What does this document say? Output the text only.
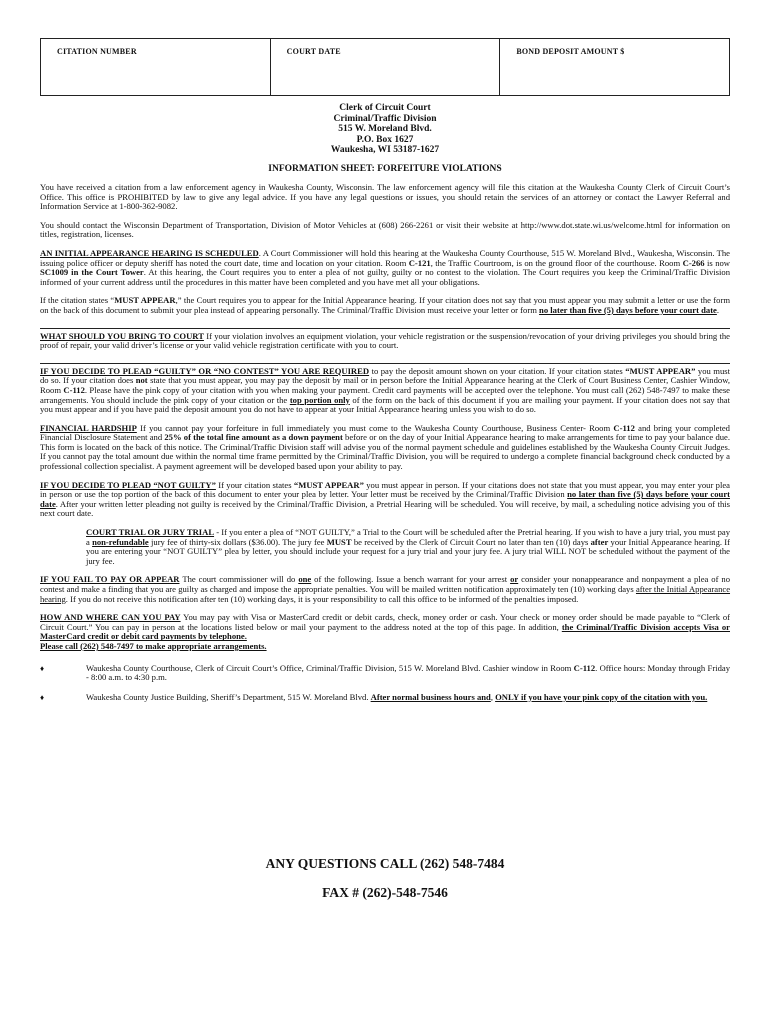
CITATION NUMBER	COURT DATE	BOND DEPOSIT AMOUNT $
Clerk of Circuit Court
Criminal/Traffic Division
515 W. Moreland Blvd.
P.O. Box 1627
Waukesha, WI 53187-1627
INFORMATION SHEET: FORFEITURE VIOLATIONS

You have received a citation from a law enforcement agency in Waukesha County, Wisconsin. The law enforcement agency will file this citation at the Waukesha County Clerk of Circuit Court’s Office. This office is PROHIBITED by law to give any legal advice. If you have any legal questions or issues, you should retain the services of an attorney or contact the Lawyer Referral and Information Service at 1-800-362-9082.

You should contact the Wisconsin Department of Transportation, Division of Motor Vehicles at (608) 266-2261 or visit their website at http://www.dot.state.wi.us/welcome.html for information on titles, registration, licenses.

AN INITIAL APPEARANCE HEARING IS SCHEDULED. A Court Commissioner will hold this hearing at the Waukesha County Courthouse, 515 W. Moreland Blvd., Waukesha, Wisconsin. The issuing police officer or deputy sheriff has noted the court date, time and location on your citation. Room C-121, the Traffic Courtroom, is on the ground floor of the courthouse. Room C-266 is now SC1009 in the Court Tower. At this hearing, the Court requires you to enter a plea of not guilty, guilty or no contest to the violation. The Court requires you keep the Criminal/Traffic Division informed of your current address until the procedures in this matter have been completed and you have met all your obligations.

If the citation states “MUST APPEAR,” the Court requires you to appear for the Initial Appearance hearing. If your citation does not say that you must appear you may submit a letter or use the form on the back of this document to submit your plea instead of appearing personally. The Criminal/Traffic Division must receive your letter or form no later than five (5) days before your court date.

WHAT SHOULD YOU BRING TO COURT If your violation involves an equipment violation, your vehicle registration or the suspension/revocation of your driving privileges you should bring the proof of repair, your valid driver’s license or your valid vehicle registration certificate with you to court.

IF YOU DECIDE TO PLEAD “GUILTY” OR “NO CONTEST” YOU ARE REQUIRED to pay the deposit amount shown on your citation. If your citation states “MUST APPEAR” you must do so. If your citation does not state that you must appear, you may pay the deposit by mail or in person before the Initial Appearance hearing at the Clerk of Court Business Center, Cashier Window, Room C-112. Please have the pink copy of your citation with you when making your payment. Credit card payments will be accepted over the telephone. You must call (262) 548-7497 to make these arrangements. You should include the pink copy of your citation or the top portion only of the form on the back of this document if you are mailing your payment. If your citation does not say that you must appear and if you have paid the deposit amount you do not have to appear at your Initial Appearance hearing unless you wish to do so.

FINANCIAL HARDSHIP If you cannot pay your forfeiture in full immediately you must come to the Waukesha County Courthouse, Business Center- Room C-112 and bring your completed Financial Disclosure Statement and 25% of the total fine amount as a down payment before or on the day of your Initial Appearance hearing to make arrangements for time to pay your balance due. This form is located on the back of this notice. The Criminal/Traffic Division staff will advise you of the normal payment schedule and guidelines established by the Waukesha County Circuit Judges. If you cannot pay the total amount due within the normal time frame permitted by the Criminal/Traffic Division, you will be required to undergo a complete financial background check conducted by a professional collection specialist. A payment agreement will be developed based upon your ability to pay.

IF YOU DECIDE TO PLEAD “NOT GUILTY” If your citation states “MUST APPEAR” you must appear in person. If your citations does not state that you must appear, you may enter your plea in person or use the top portion of the back of this document to enter your plea by letter. Your letter must be received by the Criminal/Traffic Division no later than five (5) days before your court date. After your written letter pleading not guilty is received by the Criminal/Traffic Division, a Pretrial Hearing will be scheduled. You will receive, by mail, a scheduling notice advising you of this next court date.

COURT TRIAL OR JURY TRIAL - If you enter a plea of “NOT GUILTY,” a Trial to the Court will be scheduled after the Pretrial hearing. If you wish to have a jury trial, you must pay a non-refundable jury fee of thirty-six dollars ($36.00). The jury fee MUST be received by the Clerk of Circuit Court no later than ten (10) days after your Initial Appearance hearing. If you are entering your “NOT GUILTY” plea by letter, you should include your request for a jury trial and your jury fee. A jury trial WILL NOT be scheduled without the payment of the jury fee.

IF YOU FAIL TO PAY OR APPEAR The court commissioner will do one of the following. Issue a bench warrant for your arrest or consider your nonappearance and nonpayment a plea of no contest and make a finding that you are guilty as charged and impose the appropriate penalties. You will be mailed written notification approximately ten (10) working days after the Initial Appearance hearing. If you do not receive this notification after ten (10) working days, it is your responsibility to call this office to be informed of the penalties imposed.

HOW AND WHERE CAN YOU PAY You may pay with Visa or MasterCard credit or debit cards, check, money order or cash. Your check or money order should be made payable to “Clerk of Circuit Court.” You can pay in person at the locations listed below or mail your payment to the address noted at the top of this page. In addition, the Criminal/Traffic Division accepts Visa or MasterCard credit or debit card payments by telephone.
Please call (262) 548-7497 to make appropriate arrangements.

♦	Waukesha County Courthouse, Clerk of Circuit Court’s Office, Criminal/Traffic Division, 515 W. Moreland Blvd. Cashier window in Room C-112. Office hours: Monday through Friday - 8:00 a.m. to 4:30 p.m.
♦	Waukesha County Justice Building, Sheriff’s Department, 515 W. Moreland Blvd. After normal business hours and, ONLY if you have your pink copy of the citation with you.
ANY QUESTIONS CALL (262) 548-7484
FAX # (262)-548-7546
